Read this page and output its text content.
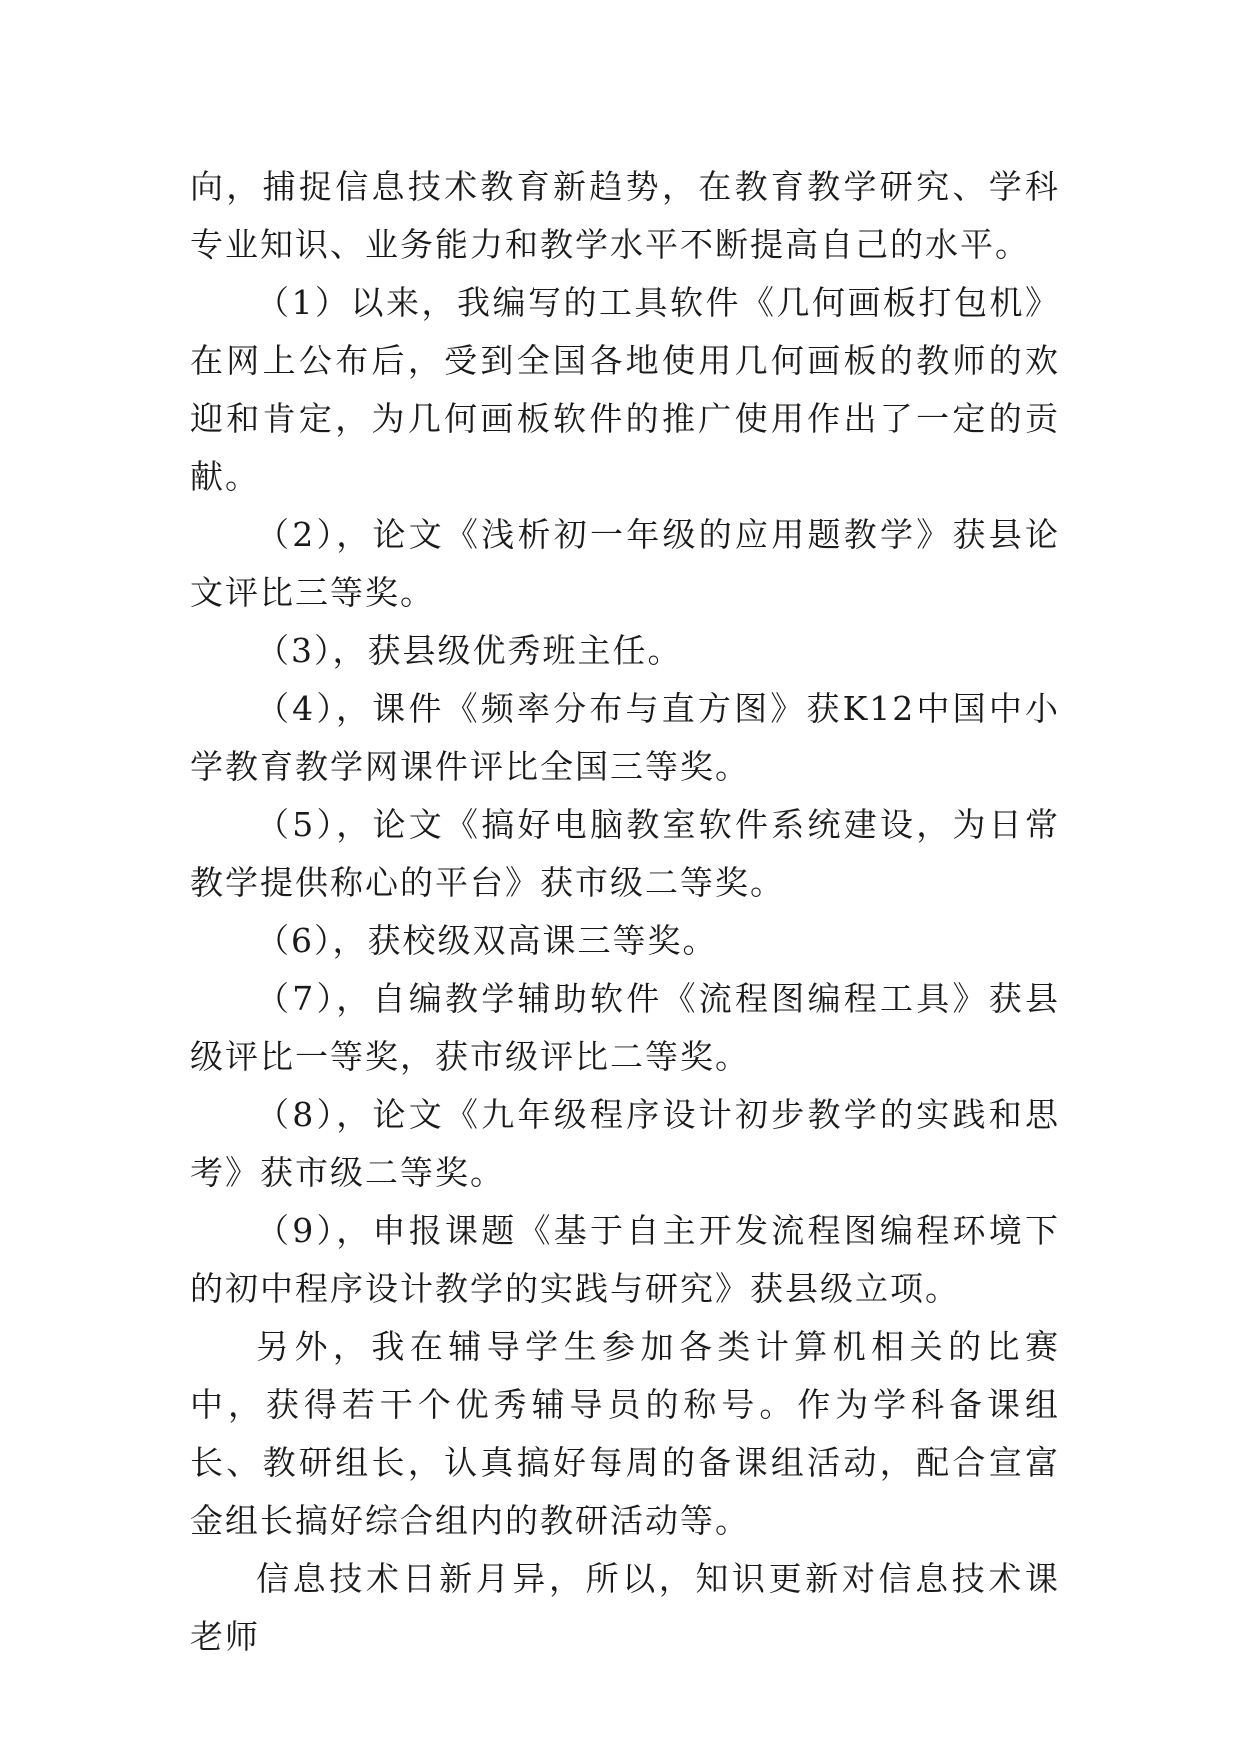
向，捕捉信息技术教育新趋势，在教育教学研究、学科专业知识、业务能力和教学水平不断提高自己的水平。

（1）以来，我编写的工具软件《几何画板打包机》在网上公布后，受到全国各地使用几何画板的教师的欢迎和肯定，为几何画板软件的推广使用作出了一定的贡献。

（2），论文《浅析初一年级的应用题教学》获县论文评比三等奖。

（3），获县级优秀班主任。

（4），课件《频率分布与直方图》获K12中国中小学教育教学网课件评比全国三等奖。

（5），论文《搞好电脑教室软件系统建设，为日常教学提供称心的平台》获市级二等奖。

（6），获校级双高课三等奖。

（7），自编教学辅助软件《流程图编程工具》获县级评比一等奖，获市级评比二等奖。

（8），论文《九年级程序设计初步教学的实践和思考》获市级二等奖。

（9），申报课题《基于自主开发流程图编程环境下的初中程序设计教学的实践与研究》获县级立项。

另外，我在辅导学生参加各类计算机相关的比赛中，获得若干个优秀辅导员的称号。作为学科备课组长、教研组长，认真搞好每周的备课组活动，配合宣富金组长搞好综合组内的教研活动等。

信息技术日新月异，所以，知识更新对信息技术课老师
